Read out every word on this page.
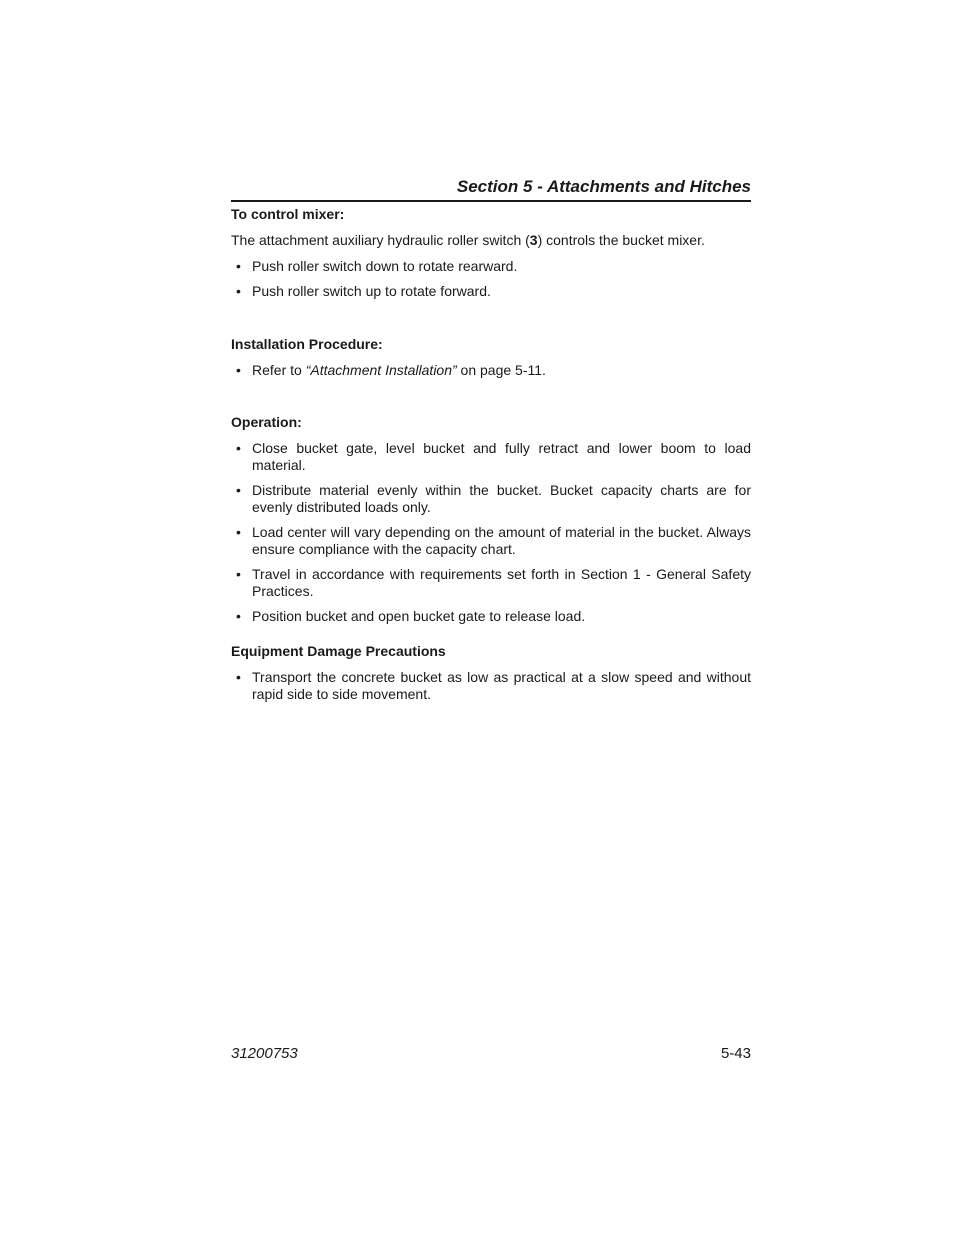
Section 5 - Attachments and Hitches
To control mixer:
The attachment auxiliary hydraulic roller switch (3) controls the bucket mixer.
• Push roller switch down to rotate rearward.
• Push roller switch up to rotate forward.
Installation Procedure:
• Refer to “Attachment Installation” on page 5-11.
Operation:
• Close bucket gate, level bucket and fully retract and lower boom to load material.
• Distribute material evenly within the bucket. Bucket capacity charts are for evenly distributed loads only.
• Load center will vary depending on the amount of material in the bucket. Always ensure compliance with the capacity chart.
• Travel in accordance with requirements set forth in Section 1 - General Safety Practices.
• Position bucket and open bucket gate to release load.
Equipment Damage Precautions
• Transport the concrete bucket as low as practical at a slow speed and without rapid side to side movement.
31200753	5-43
